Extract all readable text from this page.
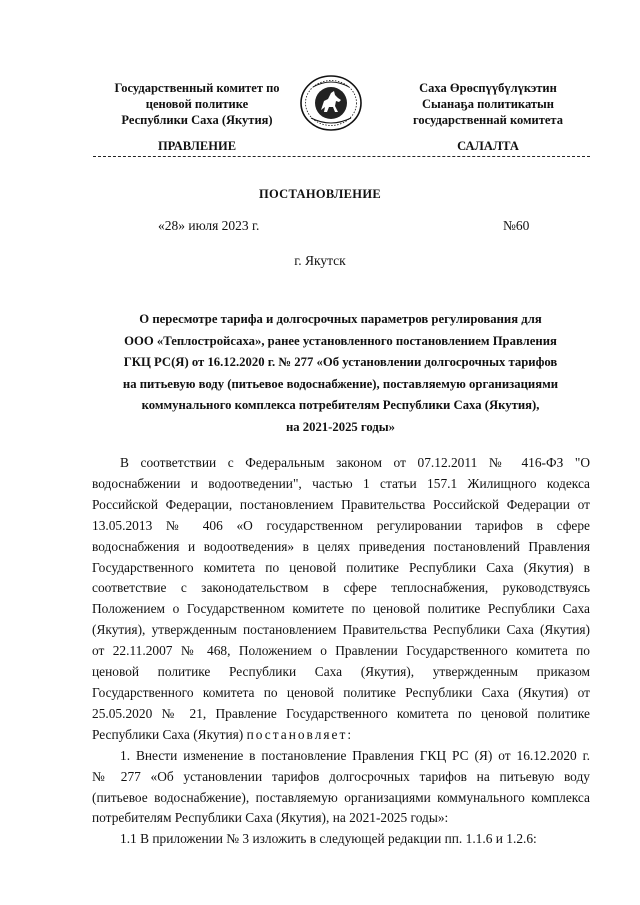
Государственный комитет по
ценовой политике
Республики Саха (Якутия)
Саха Өрөспүүбүлүкэтин
Сыанаҕа политикатын
государственнай комитета
ПРАВЛЕНИЕ	САЛАЛТА
ПОСТАНОВЛЕНИЕ
«28» июля 2023 г.	№60
г. Якутск
О пересмотре тарифа и долгосрочных параметров регулирования для
ООО «Теплостройсаха», ранее установленного постановлением Правления
ГКЦ РС(Я) от 16.12.2020 г. № 277 «Об установлении долгосрочных тарифов
на питьевую воду (питьевое водоснабжение), поставляемую организациями
коммунального комплекса потребителям Республики Саха (Якутия),
на 2021-2025 годы»
В соответствии с Федеральным законом от 07.12.2011 № 416-ФЗ "О
водоснабжении и водоотведении", частью 1 статьи 157.1 Жилищного кодекса
Российской Федерации, постановлением Правительства Российской Федерации от
13.05.2013 № 406 «О государственном регулировании тарифов в сфере
водоснабжения и водоотведения» в целях приведения постановлений Правления
Государственного комитета по ценовой политике Республики Саха (Якутия) в
соответствие с законодательством в сфере теплоснабжения, руководствуясь
Положением о Государственном комитете по ценовой политике Республики Саха
(Якутия), утвержденным постановлением Правительства Республики Саха (Якутия)
от 22.11.2007 № 468, Положением о Правлении Государственного комитета по
ценовой политике Республики Саха (Якутия), утвержденным приказом
Государственного комитета по ценовой политике Республики Саха (Якутия) от
25.05.2020 № 21, Правление Государственного комитета по ценовой политике
Республики Саха (Якутия) постановляет:
1. Внести изменение в постановление Правления ГКЦ РС (Я) от 16.12.2020 г.
№ 277 «Об установлении тарифов долгосрочных тарифов на питьевую воду
(питьевое водоснабжение), поставляемую организациями коммунального комплекса
потребителям Республики Саха (Якутия), на 2021-2025 годы»:
1.1 В приложении № 3 изложить в следующей редакции пп. 1.1.6 и 1.2.6:
